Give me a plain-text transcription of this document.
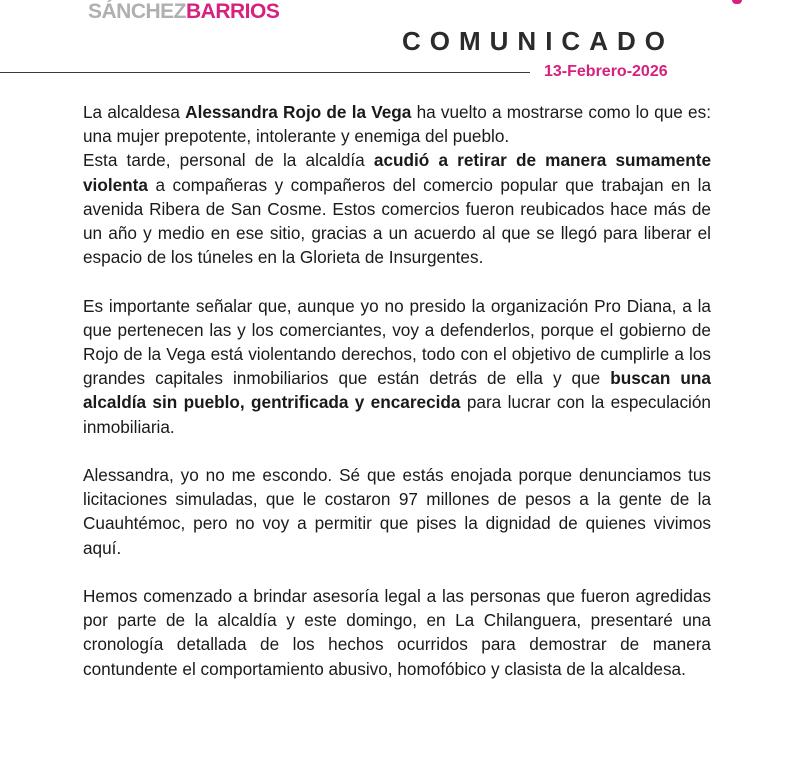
SÁNCHEZBARRIOS
COMUNICADO
13-Febrero-2026

La alcaldesa Alessandra Rojo de la Vega ha vuelto a mostrarse como lo que es: una mujer prepotente, intolerante y enemiga del pueblo.

Esta tarde, personal de la alcaldía acudió a retirar de manera sumamente violenta a compañeras y compañeros del comercio popular que trabajan en la avenida Ribera de San Cosme. Estos comercios fueron reubicados hace más de un año y medio en ese sitio, gracias a un acuerdo al que se llegó para liberar el espacio de los túneles en la Glorieta de Insurgentes.

Es importante señalar que, aunque yo no presido la organización Pro Diana, a la que pertenecen las y los comerciantes, voy a defenderlos, porque el gobierno de Rojo de la Vega está violentando derechos, todo con el objetivo de cumplirle a los grandes capitales inmobiliarios que están detrás de ella y que buscan una alcaldía sin pueblo, gentrificada y encarecida para lucrar con la especulación inmobiliaria.

Alessandra, yo no me escondo. Sé que estás enojada porque denunciamos tus licitaciones simuladas, que le costaron 97 millones de pesos a la gente de la Cuauhtémoc, pero no voy a permitir que pises la dignidad de quienes vivimos aquí.

Hemos comenzado a brindar asesoría legal a las personas que fueron agredidas por parte de la alcaldía y este domingo, en La Chilanguera, presentaré una cronología detallada de los hechos ocurridos para demostrar de manera contundente el comportamiento abusivo, homofóbico y clasista de la alcaldesa.
